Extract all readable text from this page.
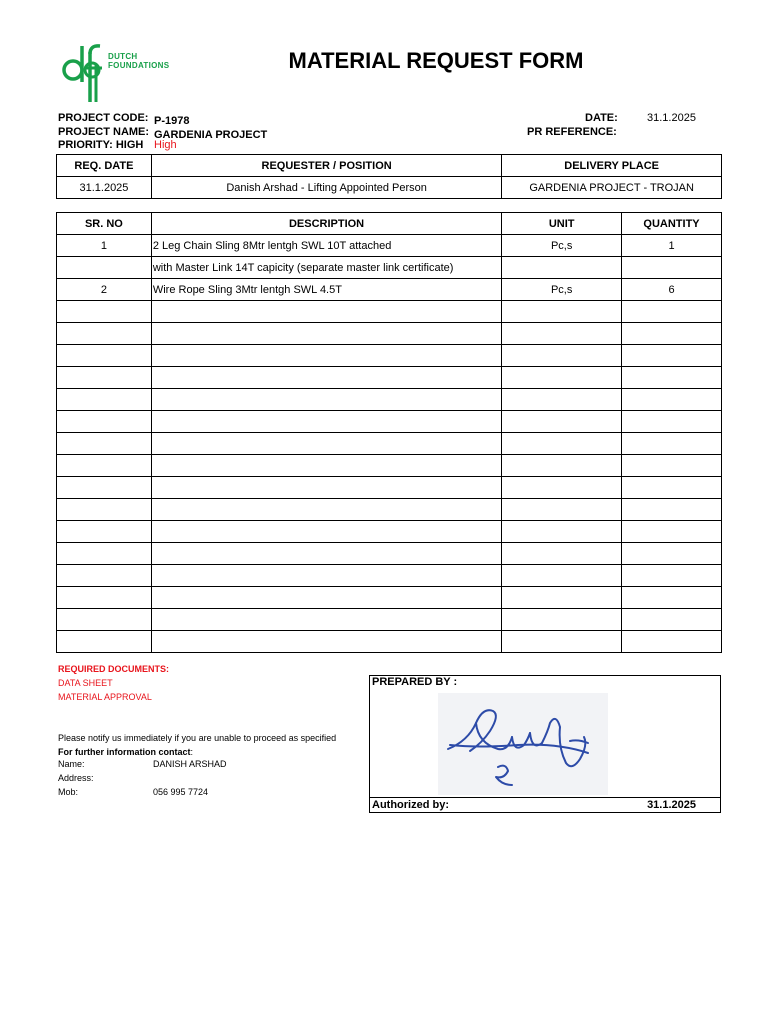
DUTCH
FOUNDATIONS	MATERIAL REQUEST FORM
PROJECT CODE: P-1978
PROJECT NAME: GARDENIA PROJECT
PRIORITY: HIGH High
DATE:	31.1.2025
PR REFERENCE:
REQ. DATE	REQUESTER / POSITION	DELIVERY PLACE
31.1.2025	Danish Arshad - Lifting Appointed Person	GARDENIA PROJECT - TROJAN
SR. NO	DESCRIPTION	UNIT	QUANTITY
1	2 Leg Chain Sling 8Mtr lentgh SWL 10T attached	Pc,s	1
	with Master Link 14T capicity (separate master link certificate)		
2	Wire Rope Sling 3Mtr lentgh SWL 4.5T	Pc,s	6

REQUIRED DOCUMENTS:
DATA SHEET
MATERIAL APPROVAL
Please notify us immediately if you are unable to proceed as specified
For further information contact:
Name:	DANISH ARSHAD
Address:
Mob:	056 995 7724
PREPARED BY :
Authorized by:	31.1.2025
